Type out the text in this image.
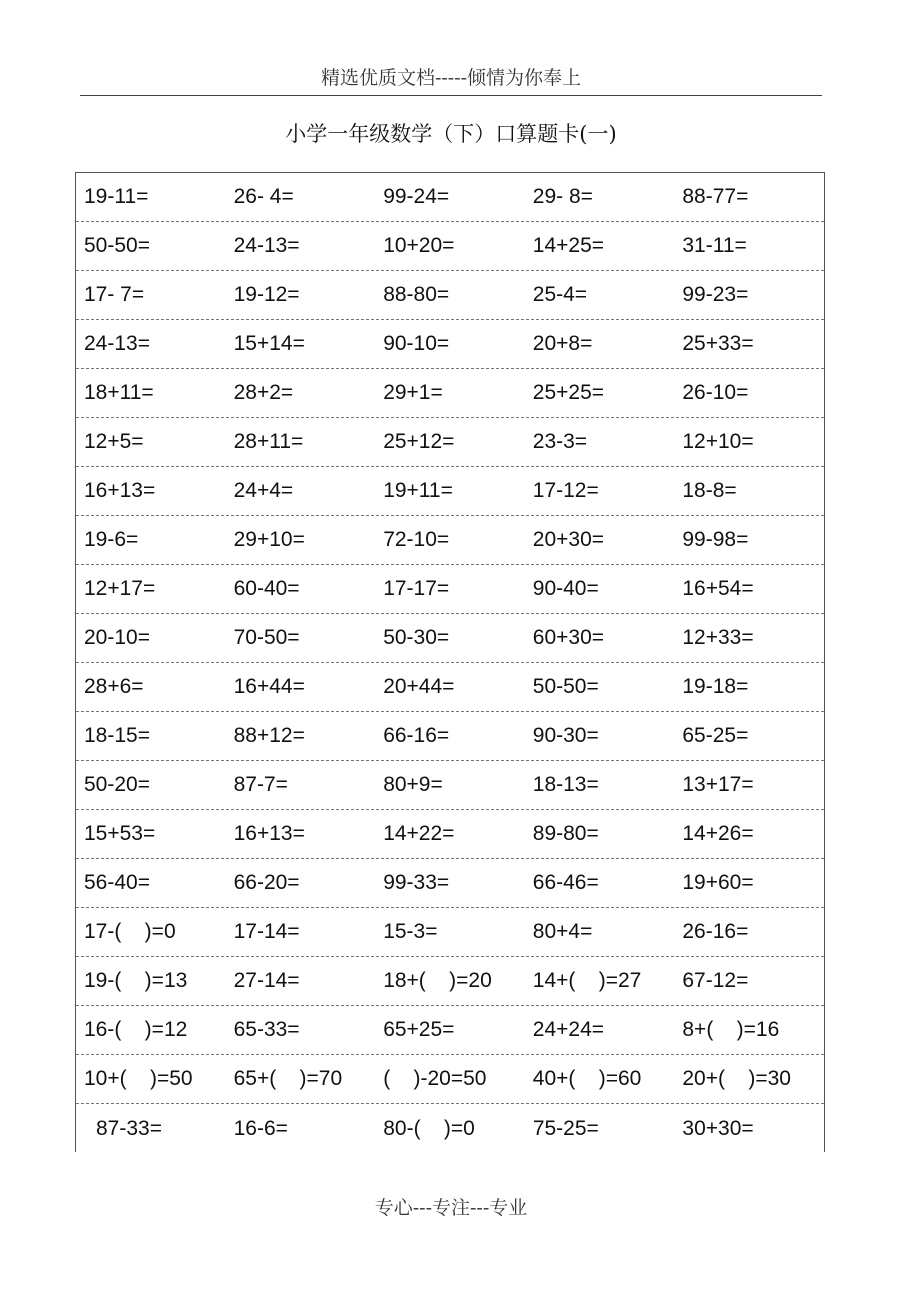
精选优质文档-----倾情为你奉上
小学一年级数学（下）口算题卡(一)
19-11=	26- 4=	99-24=	29- 8=	88-77=
50-50=	24-13=	10+20=	14+25=	31-11=
17- 7=	19-12=	88-80=	25-4=	99-23=
24-13=	15+14=	90-10=	20+8=	25+33=
18+11=	28+2=	29+1=	25+25=	26-10=
12+5=	28+11=	25+12=	23-3=	12+10=
16+13=	24+4=	19+11=	17-12=	18-8=
19-6=	29+10=	72-10=	20+30=	99-98=
12+17=	60-40=	17-17=	90-40=	16+54=
20-10=	70-50=	50-30=	60+30=	12+33=
28+6=	16+44=	20+44=	50-50=	19-18=
18-15=	88+12=	66-16=	90-30=	65-25=
50-20=	87-7=	80+9=	18-13=	13+17=
15+53=	16+13=	14+22=	89-80=	14+26=
56-40=	66-20=	99-33=	66-46=	19+60=
17-(    )=0	17-14=	15-3=	80+4=	26-16=
19-(    )=13	27-14=	18+(    )=20	14+(    )=27	67-12=
16-(    )=12	65-33=	65+25=	24+24=	8+(    )=16
10+(    )=50	65+(    )=70	(    )-20=50	40+(    )=60	20+(    )=30
87-33=	16-6=	80-(    )=0	75-25=	30+30=
专心---专注---专业
